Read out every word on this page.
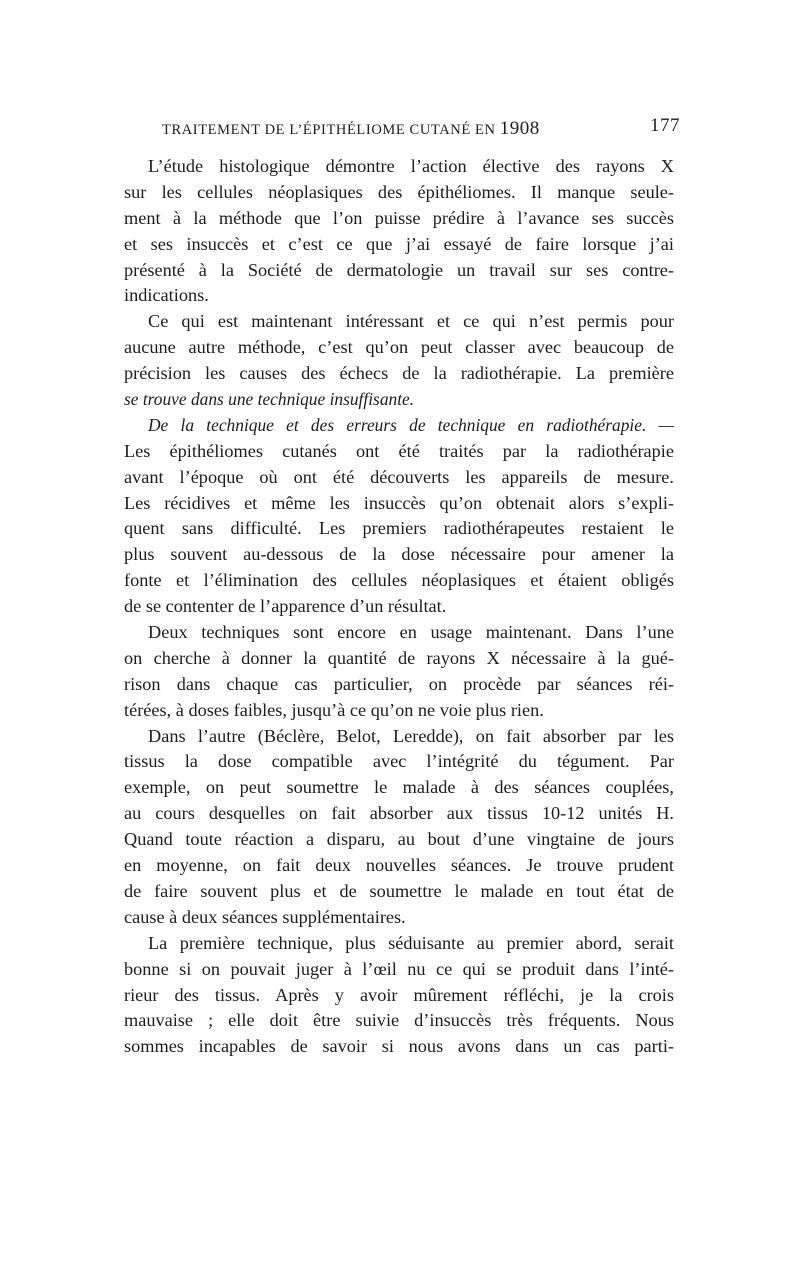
TRAITEMENT DE L’ÉPITHÉLIOME CUTANÉ EN 1908	177
L’étude histologique démontre l’action élective des rayons X
sur les cellules néoplasiques des épithéliomes. Il manque seule-
ment à la méthode que l’on puisse prédire à l’avance ses succès
et ses insuccès et c’est ce que j’ai essayé de faire lorsque j’ai
présenté à la Société de dermatologie un travail sur ses contre-
indications.
Ce qui est maintenant intéressant et ce qui n’est permis pour
aucune autre méthode, c’est qu’on peut classer avec beaucoup de
précision les causes des échecs de la radiothérapie. La première
se trouve dans une technique insuffisante.
De la technique et des erreurs de technique en radiothérapie. —
Les épithéliomes cutanés ont été traités par la radiothérapie
avant l’époque où ont été découverts les appareils de mesure.
Les récidives et même les insuccès qu’on obtenait alors s’expli-
quent sans difficulté. Les premiers radiothérapeutes restaient le
plus souvent au-dessous de la dose nécessaire pour amener la
fonte et l’élimination des cellules néoplasiques et étaient obligés
de se contenter de l’apparence d’un résultat.
Deux techniques sont encore en usage maintenant. Dans l’une
on cherche à donner la quantité de rayons X nécessaire à la gué-
rison dans chaque cas particulier, on procède par séances réi-
térées, à doses faibles, jusqu’à ce qu’on ne voie plus rien.
Dans l’autre (Béclère, Belot, Leredde), on fait absorber par les
tissus la dose compatible avec l’intégrité du tégument. Par
exemple, on peut soumettre le malade à des séances couplées,
au cours desquelles on fait absorber aux tissus 10-12 unités H.
Quand toute réaction a disparu, au bout d’une vingtaine de jours
en moyenne, on fait deux nouvelles séances. Je trouve prudent
de faire souvent plus et de soumettre le malade en tout état de
cause à deux séances supplémentaires.
La première technique, plus séduisante au premier abord, serait
bonne si on pouvait juger à l’œil nu ce qui se produit dans l’inté-
rieur des tissus. Après y avoir mûrement réfléchi, je la crois
mauvaise ; elle doit être suivie d’insuccès très fréquents. Nous
sommes incapables de savoir si nous avons dans un cas parti-
